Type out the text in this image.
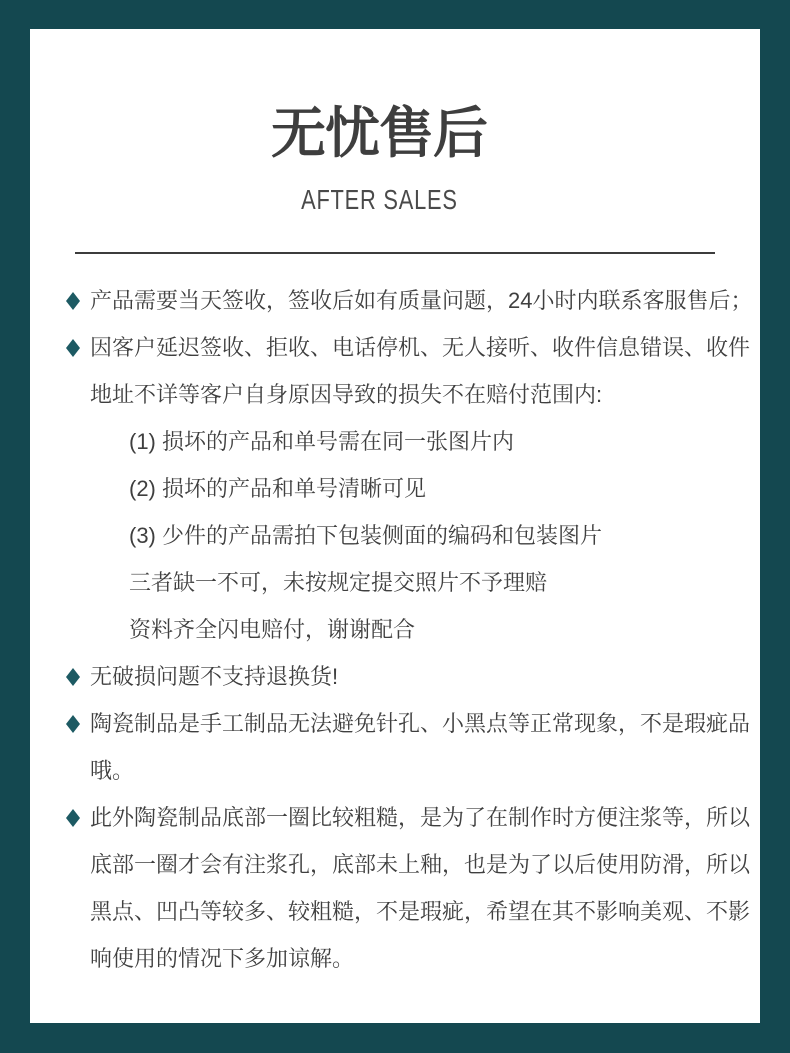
无忧售后
AFTER SALES
产品需要当天签收，签收后如有质量问题，24小时内联系客服售后；
因客户延迟签收、拒收、电话停机、无人接听、收件信息错误、收件
地址不详等客户自身原因导致的损失不在赔付范围内:
(1) 损坏的产品和单号需在同一张图片内
(2) 损坏的产品和单号清晰可见
(3) 少件的产品需拍下包装侧面的编码和包装图片
三者缺一不可，未按规定提交照片不予理赔
资料齐全闪电赔付，谢谢配合
无破损问题不支持退换货!
陶瓷制品是手工制品无法避免针孔、小黑点等正常现象，不是瑕疵品
哦。
此外陶瓷制品底部一圈比较粗糙，是为了在制作时方便注浆等，所以
底部一圈才会有注浆孔，底部未上釉，也是为了以后使用防滑，所以
黑点、凹凸等较多、较粗糙，不是瑕疵，希望在其不影响美观、不影
响使用的情况下多加谅解。
